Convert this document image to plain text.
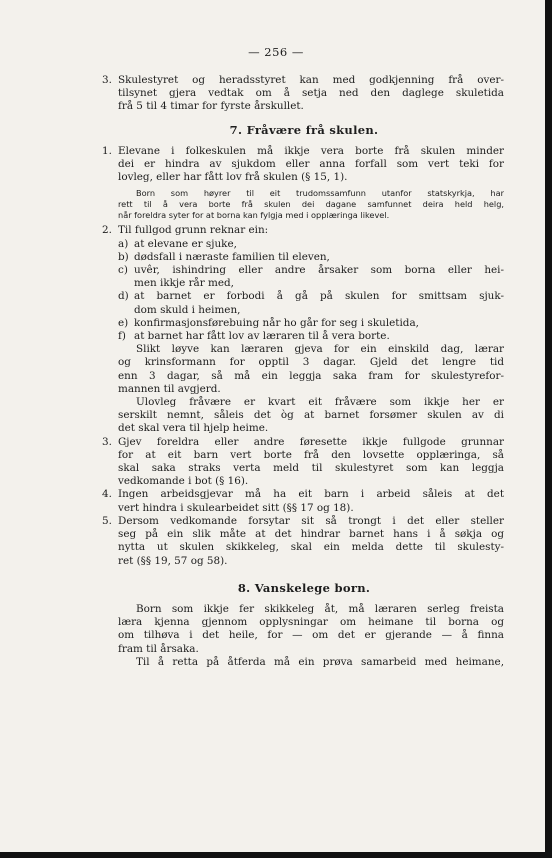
— 256 —
3. Skulestyret og heradsstyret kan med godkjenning frå over-
tilsynet gjera vedtak om å setja ned den daglege skuletida
frå 5 til 4 timar for fyrste årskullet.
7. Fråvære frå skulen.
1. Elevane i folkeskulen må ikkje vera borte frå skulen minder
dei er hindra av sjukdom eller anna forfall som vert teki for
lovleg, eller har fått lov frå skulen (§ 15, 1).
Born som høyrer til eit trudomssamfunn utanfor statskyrkja, har
rett til å vera borte frå skulen dei dagane samfunnet deira held helg,
når foreldra syter for at borna kan fylgja med i opplæringa likevel.
2. Til fullgod grunn reknar ein:
a) at elevane er sjuke,
b) dødsfall i næraste familien til eleven,
c) uvêr, ishindring eller andre årsaker som borna eller hei-
men ikkje rår med,
d) at barnet er forbodi å gå på skulen for smittsam sjuk-
dom skuld i heimen,
e) konfirmasjonsførebuing når ho går for seg i skuletida,
f) at barnet har fått lov av læraren til å vera borte.
Slikt løyve kan læraren gjeva for ein einskild dag, lærar
og krinsformann for opptil 3 dagar. Gjeld det lengre tid
enn 3 dagar, så må ein leggja saka fram for skulestyrefor-
mannen til avgjerd.
Ulovleg fråvære er kvart eit fråvære som ikkje her er
serskilt nemnt, såleis det òg at barnet forsømer skulen av di
det skal vera til hjelp heime.
3. Gjev foreldra eller andre føresette ikkje fullgode grunnar
for at eit barn vert borte frå den lovsette opplæringa, så
skal saka straks verta meld til skulestyret som kan leggja
vedkomande i bot (§ 16).
4. Ingen arbeidsgjevar må ha eit barn i arbeid såleis at det
vert hindra i skulearbeidet sitt (§§ 17 og 18).
5. Dersom vedkomande forsytar sit så trongt i det eller steller
seg på ein slik måte at det hindrar barnet hans i å søkja og
nytta ut skulen skikkeleg, skal ein melda dette til skulesty-
ret (§§ 19, 57 og 58).
8. Vanskelege born.
Born som ikkje fer skikkeleg åt, må læraren serleg freista
læra kjenna gjennom opplysningar om heimane til borna og
om tilhøva i det heile, for — om det er gjerande — å finna
fram til årsaka.
Til å retta på åtferda må ein prøva samarbeid med heimane,
